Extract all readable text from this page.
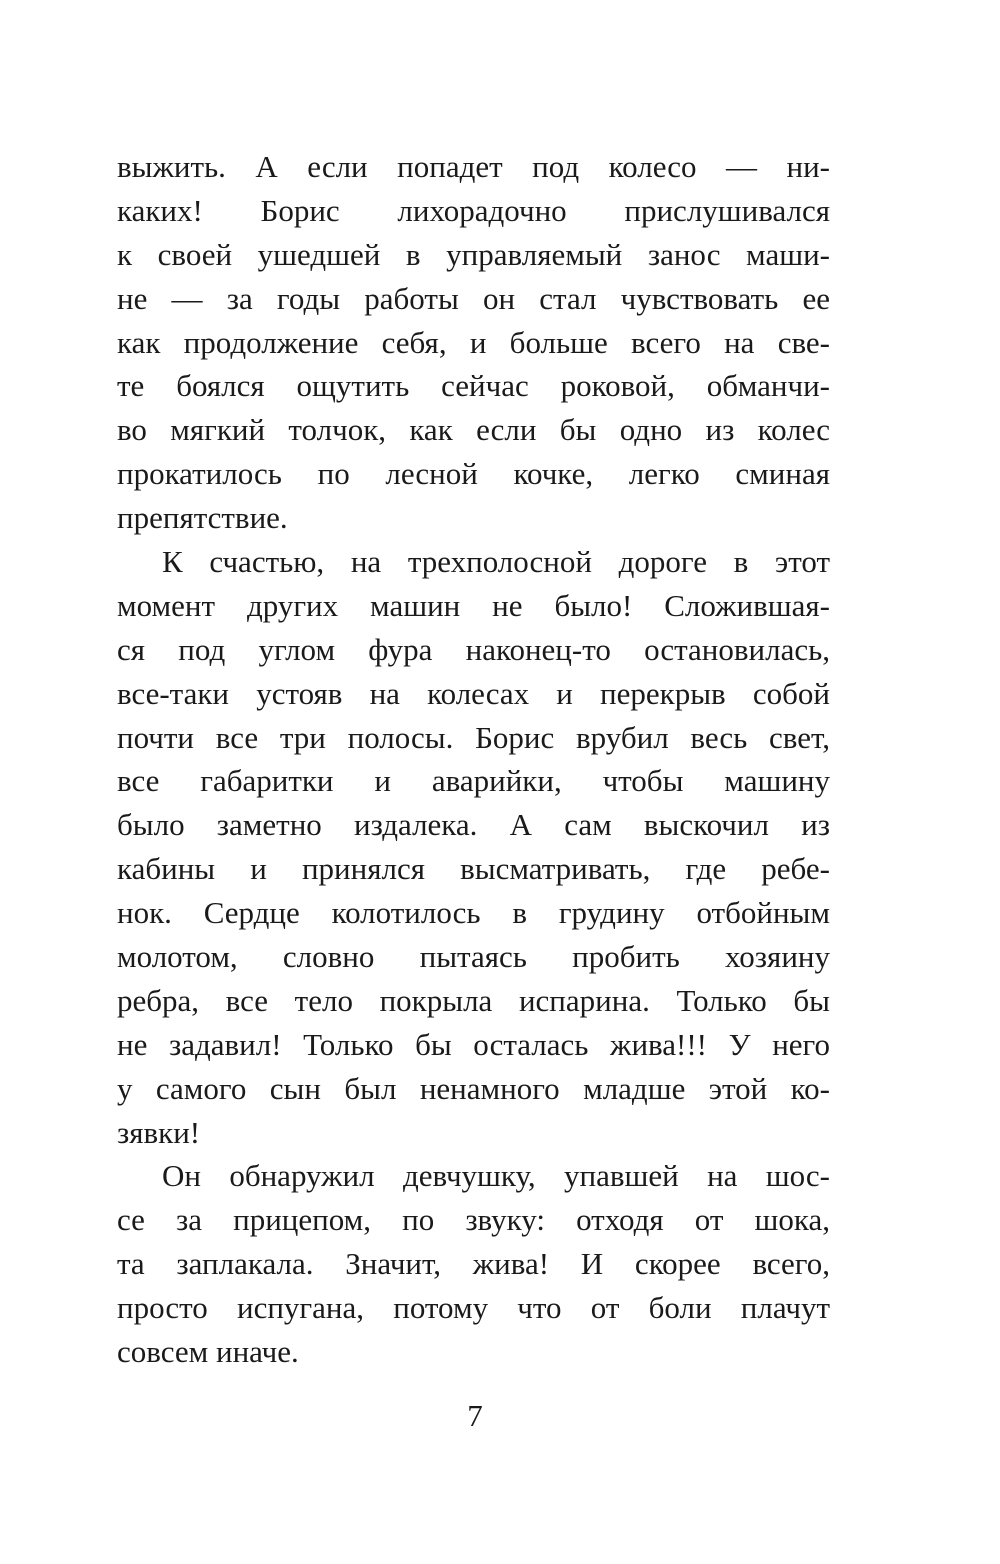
выжить. А если попадет под колесо — ни-
каких! Борис лихорадочно прислушивался
к своей ушедшей в управляемый занос маши-
не — за годы работы он стал чувствовать ее
как продолжение себя, и больше всего на све-
те боялся ощутить сейчас роковой, обманчи-
во мягкий толчок, как если бы одно из колес
прокатилось по лесной кочке, легко сминая
препятствие.
К счастью, на трехполосной дороге в этот
момент других машин не было! Сложившая-
ся под углом фура наконец-то остановилась,
все-таки устояв на колесах и перекрыв собой
почти все три полосы. Борис врубил весь свет,
все габаритки и аварийки, чтобы машину
было заметно издалека. А сам выскочил из
кабины и принялся высматривать, где ребе-
нок. Сердце колотилось в грудину отбойным
молотом, словно пытаясь пробить хозяину
ребра, все тело покрыла испарина. Только бы
не задавил! Только бы осталась жива!!! У него
у самого сын был ненамного младше этой ко-
зявки!
Он обнаружил девчушку, упавшей на шос-
се за прицепом, по звуку: отходя от шока,
та заплакала. Значит, жива! И скорее всего,
просто испугана, потому что от боли плачут
совсем иначе.
7
